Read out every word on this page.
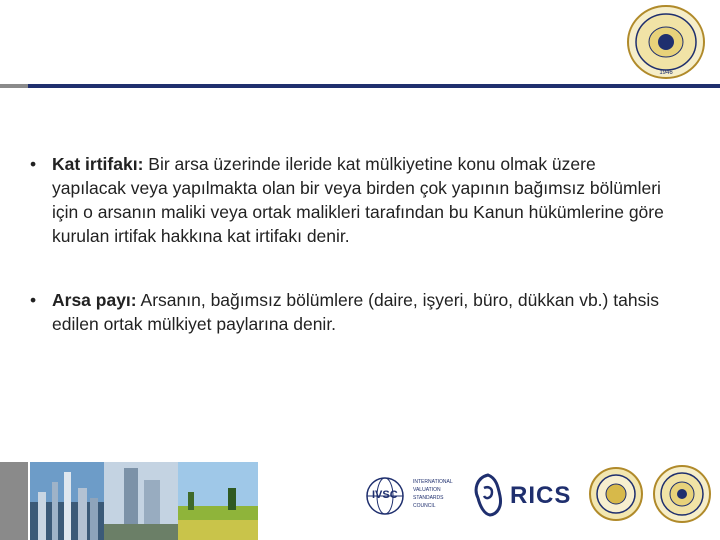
1946
• Kat irtifakı: Bir arsa üzerinde ileride kat mülkiyetine konu olmak üzere yapılacak veya yapılmakta olan bir veya birden çok yapının bağımsız bölümleri için o arsanın maliki veya ortak malikleri tarafından bu Kanun hükümlerine göre kurulan irtifak hakkına kat irtifakı denir.
• Arsa payı: Arsanın, bağımsız bölümlere (daire, işyeri, büro, dükkan vb.) tahsis edilen ortak mülkiyet paylarına denir.
IVSC
INTERNATIONAL VALUATION STANDARDS COUNCIL	RICS
